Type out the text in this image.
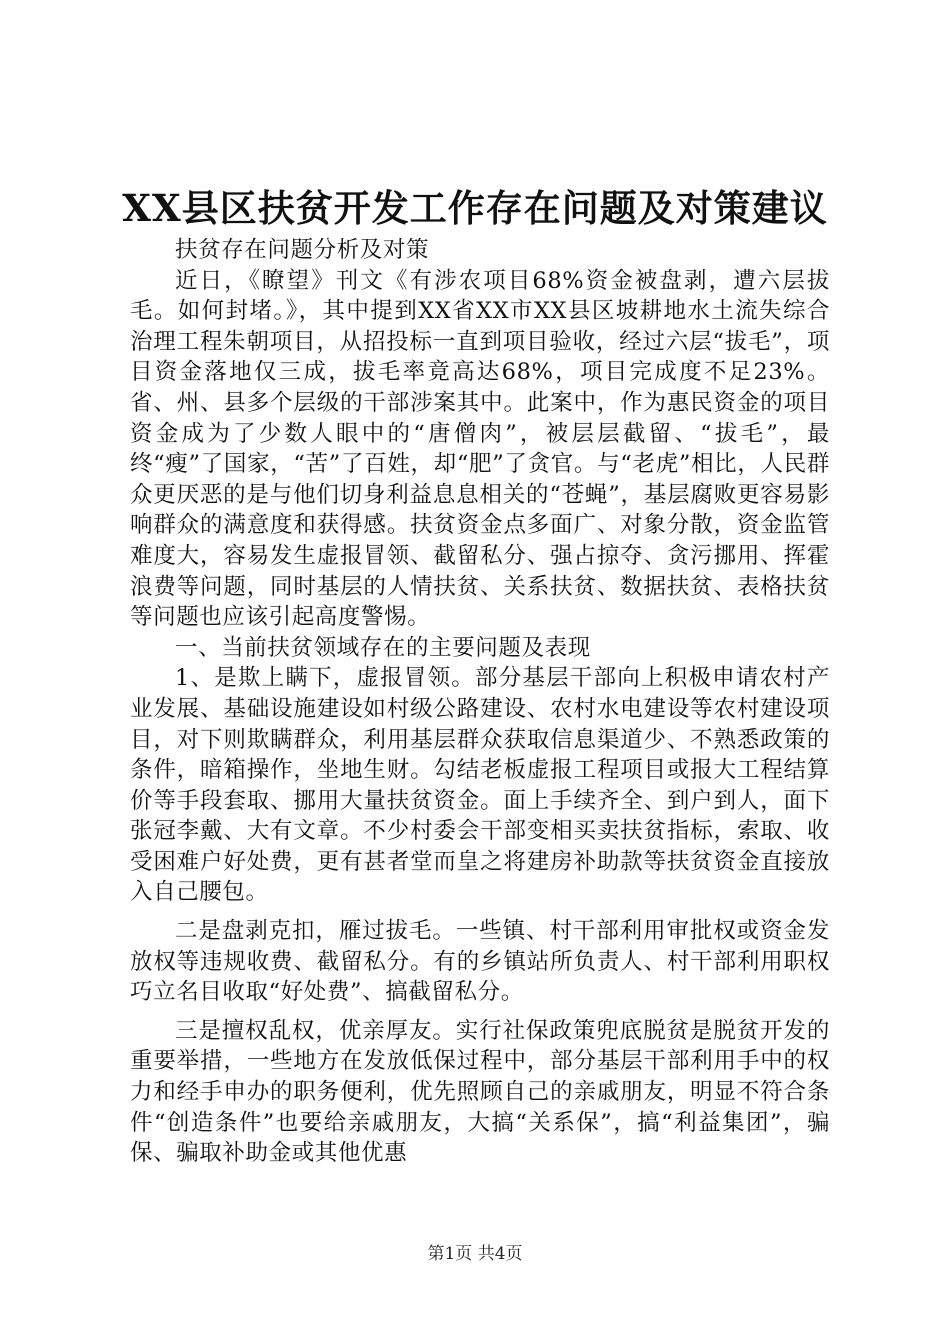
XX县区扶贫开发工作存在问题及对策建议

扶贫存在问题分析及对策

近日，《瞭望》刊文《有涉农项目68%资金被盘剥，遭六层拔毛。如何封堵。》，其中提到XX省XX市XX县区坡耕地水土流失综合治理工程朱朝项目，从招投标一直到项目验收，经过六层“拔毛”，项目资金落地仅三成，拔毛率竟高达68%，项目完成度不足23%。省、州、县多个层级的干部涉案其中。此案中，作为惠民资金的项目资金成为了少数人眼中的“唐僧肉”，被层层截留、“拔毛”，最终“瘦”了国家，“苦”了百姓，却“肥”了贪官。与“老虎”相比，人民群众更厌恶的是与他们切身利益息息相关的“苍蝇”，基层腐败更容易影响群众的满意度和获得感。扶贫资金点多面广、对象分散，资金监管难度大，容易发生虚报冒领、截留私分、强占掠夺、贪污挪用、挥霍浪费等问题，同时基层的人情扶贫、关系扶贫、数据扶贫、表格扶贫等问题也应该引起高度警惕。

一、当前扶贫领域存在的主要问题及表现

1、是欺上瞒下，虚报冒领。部分基层干部向上积极申请农村产业发展、基础设施建设如村级公路建设、农村水电建设等农村建设项目，对下则欺瞒群众，利用基层群众获取信息渠道少、不熟悉政策的条件，暗箱操作，坐地生财。勾结老板虚报工程项目或报大工程结算价等手段套取、挪用大量扶贫资金。面上手续齐全、到户到人，面下张冠李戴、大有文章。不少村委会干部变相买卖扶贫指标，索取、收受困难户好处费，更有甚者堂而皇之将建房补助款等扶贫资金直接放入自己腰包。

二是盘剥克扣，雁过拔毛。一些镇、村干部利用审批权或资金发放权等违规收费、截留私分。有的乡镇站所负责人、村干部利用职权巧立名目收取“好处费”、搞截留私分。

三是擅权乱权，优亲厚友。实行社保政策兜底脱贫是脱贫开发的重要举措，一些地方在发放低保过程中，部分基层干部利用手中的权力和经手申办的职务便利，优先照顾自己的亲戚朋友，明显不符合条件“创造条件”也要给亲戚朋友，大搞“关系保”，搞“利益集团”，骗保、骗取补助金或其他优惠

第1页 共4页
